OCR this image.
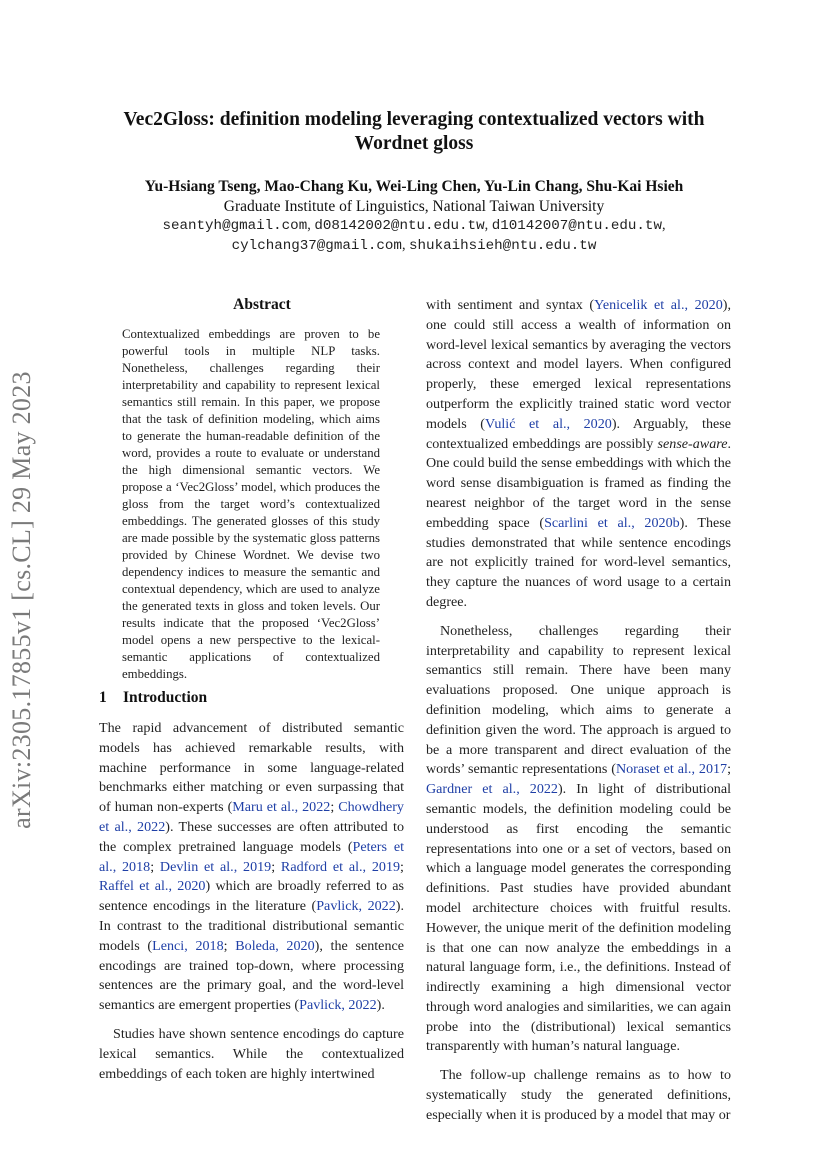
arXiv:2305.17855v1 [cs.CL] 29 May 2023
Vec2Gloss: definition modeling leveraging contextualized vectors with
Wordnet gloss
Yu-Hsiang Tseng, Mao-Chang Ku, Wei-Ling Chen, Yu-Lin Chang, Shu-Kai Hsieh
Graduate Institute of Linguistics, National Taiwan University
seantyh@gmail.com, d08142002@ntu.edu.tw, d10142007@ntu.edu.tw,
cylchang37@gmail.com, shukaihsieh@ntu.edu.tw
Abstract
Contextualized embeddings are proven to be powerful tools in multiple NLP tasks. Nonetheless, challenges regarding their interpretability and capability to represent lexical semantics still remain. In this paper, we propose that the task of definition modeling, which aims to generate the human-readable definition of the word, provides a route to evaluate or understand the high dimensional semantic vectors. We propose a ‘Vec2Gloss’ model, which produces the gloss from the target word’s contextualized embeddings. The generated glosses of this study are made possible by the systematic gloss patterns provided by Chinese Wordnet. We devise two dependency indices to measure the semantic and contextual dependency, which are used to analyze the generated texts in gloss and token levels. Our results indicate that the proposed ‘Vec2Gloss’ model opens a new perspective to the lexical-semantic applications of contextualized embeddings.
1 Introduction

The rapid advancement of distributed semantic models has achieved remarkable results, with machine performance in some language-related benchmarks either matching or even surpassing that of human non-experts (Maru et al., 2022; Chowdhery et al., 2022). These successes are often attributed to the complex pretrained language models (Peters et al., 2018; Devlin et al., 2019; Radford et al., 2019; Raffel et al., 2020) which are broadly referred to as sentence encodings in the literature (Pavlick, 2022). In contrast to the traditional distributional semantic models (Lenci, 2018; Boleda, 2020), the sentence encodings are trained top-down, where processing sentences are the primary goal, and the word-level semantics are emergent properties (Pavlick, 2022).

Studies have shown sentence encodings do capture lexical semantics. While the contextualized embeddings of each token are highly intertwined

with sentiment and syntax (Yenicelik et al., 2020), one could still access a wealth of information on word-level lexical semantics by averaging the vectors across context and model layers. When configured properly, these emerged lexical representations outperform the explicitly trained static word vector models (Vulić et al., 2020). Arguably, these contextualized embeddings are possibly sense-aware. One could build the sense embeddings with which the word sense disambiguation is framed as finding the nearest neighbor of the target word in the sense embedding space (Scarlini et al., 2020b). These studies demonstrated that while sentence encodings are not explicitly trained for word-level semantics, they capture the nuances of word usage to a certain degree.

Nonetheless, challenges regarding their interpretability and capability to represent lexical semantics still remain. There have been many evaluations proposed. One unique approach is definition modeling, which aims to generate a definition given the word. The approach is argued to be a more transparent and direct evaluation of the words’ semantic representations (Noraset et al., 2017; Gardner et al., 2022). In light of distributional semantic models, the definition modeling could be understood as first encoding the semantic representations into one or a set of vectors, based on which a language model generates the corresponding definitions. Past studies have provided abundant model architecture choices with fruitful results. However, the unique merit of the definition modeling is that one can now analyze the embeddings in a natural language form, i.e., the definitions. Instead of indirectly examining a high dimensional vector through word analogies and similarities, we can again probe into the (distributional) lexical semantics transparently with human’s natural language.

The follow-up challenge remains as to how to systematically study the generated definitions, especially when it is produced by a model that may or
